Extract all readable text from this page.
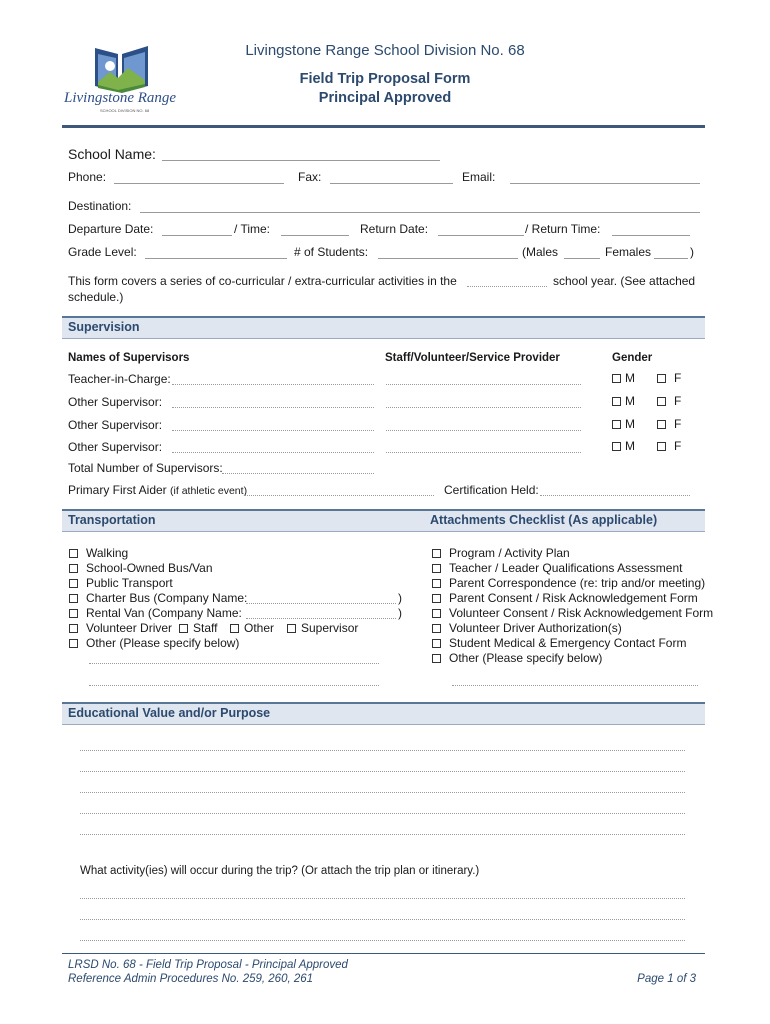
Livingstone Range
SCHOOL DIVISION NO. 68
Livingstone Range School Division No. 68
Field Trip Proposal Form
Principal Approved
School Name:
Phone:	Fax:	Email:
Destination:
Departure Date:	/ Time:	Return Date:	/ Return Time:
Grade Level:	# of Students:	(Males	Females	)
This form covers a series of co-curricular / extra-curricular activities in the	school year. (See attached
schedule.)
Supervision
Names of Supervisors	Staff/Volunteer/Service Provider	Gender
Teacher-in-Charge:	M	F
Other Supervisor:	M	F
Other Supervisor:	M	F
Other Supervisor:	M	F
Total Number of Supervisors:
Primary First Aider (if athletic event)	Certification Held:
Transportation	Attachments Checklist (As applicable)
Walking
School-Owned Bus/Van
Public Transport
Charter Bus (Company Name:	)
Rental Van (Company Name:	)
Volunteer Driver	Staff	Other	Supervisor
Other (Please specify below)
Program / Activity Plan
Teacher / Leader Qualifications Assessment
Parent Correspondence (re: trip and/or meeting)
Parent Consent / Risk Acknowledgement Form
Volunteer Consent / Risk Acknowledgement Form
Volunteer Driver Authorization(s)
Student Medical & Emergency Contact Form
Other (Please specify below)
Educational Value and/or Purpose
What activity(ies) will occur during the trip? (Or attach the trip plan or itinerary.)
LRSD No. 68 - Field Trip Proposal - Principal Approved
Reference Admin Procedures No. 259, 260, 261	Page 1 of 3
